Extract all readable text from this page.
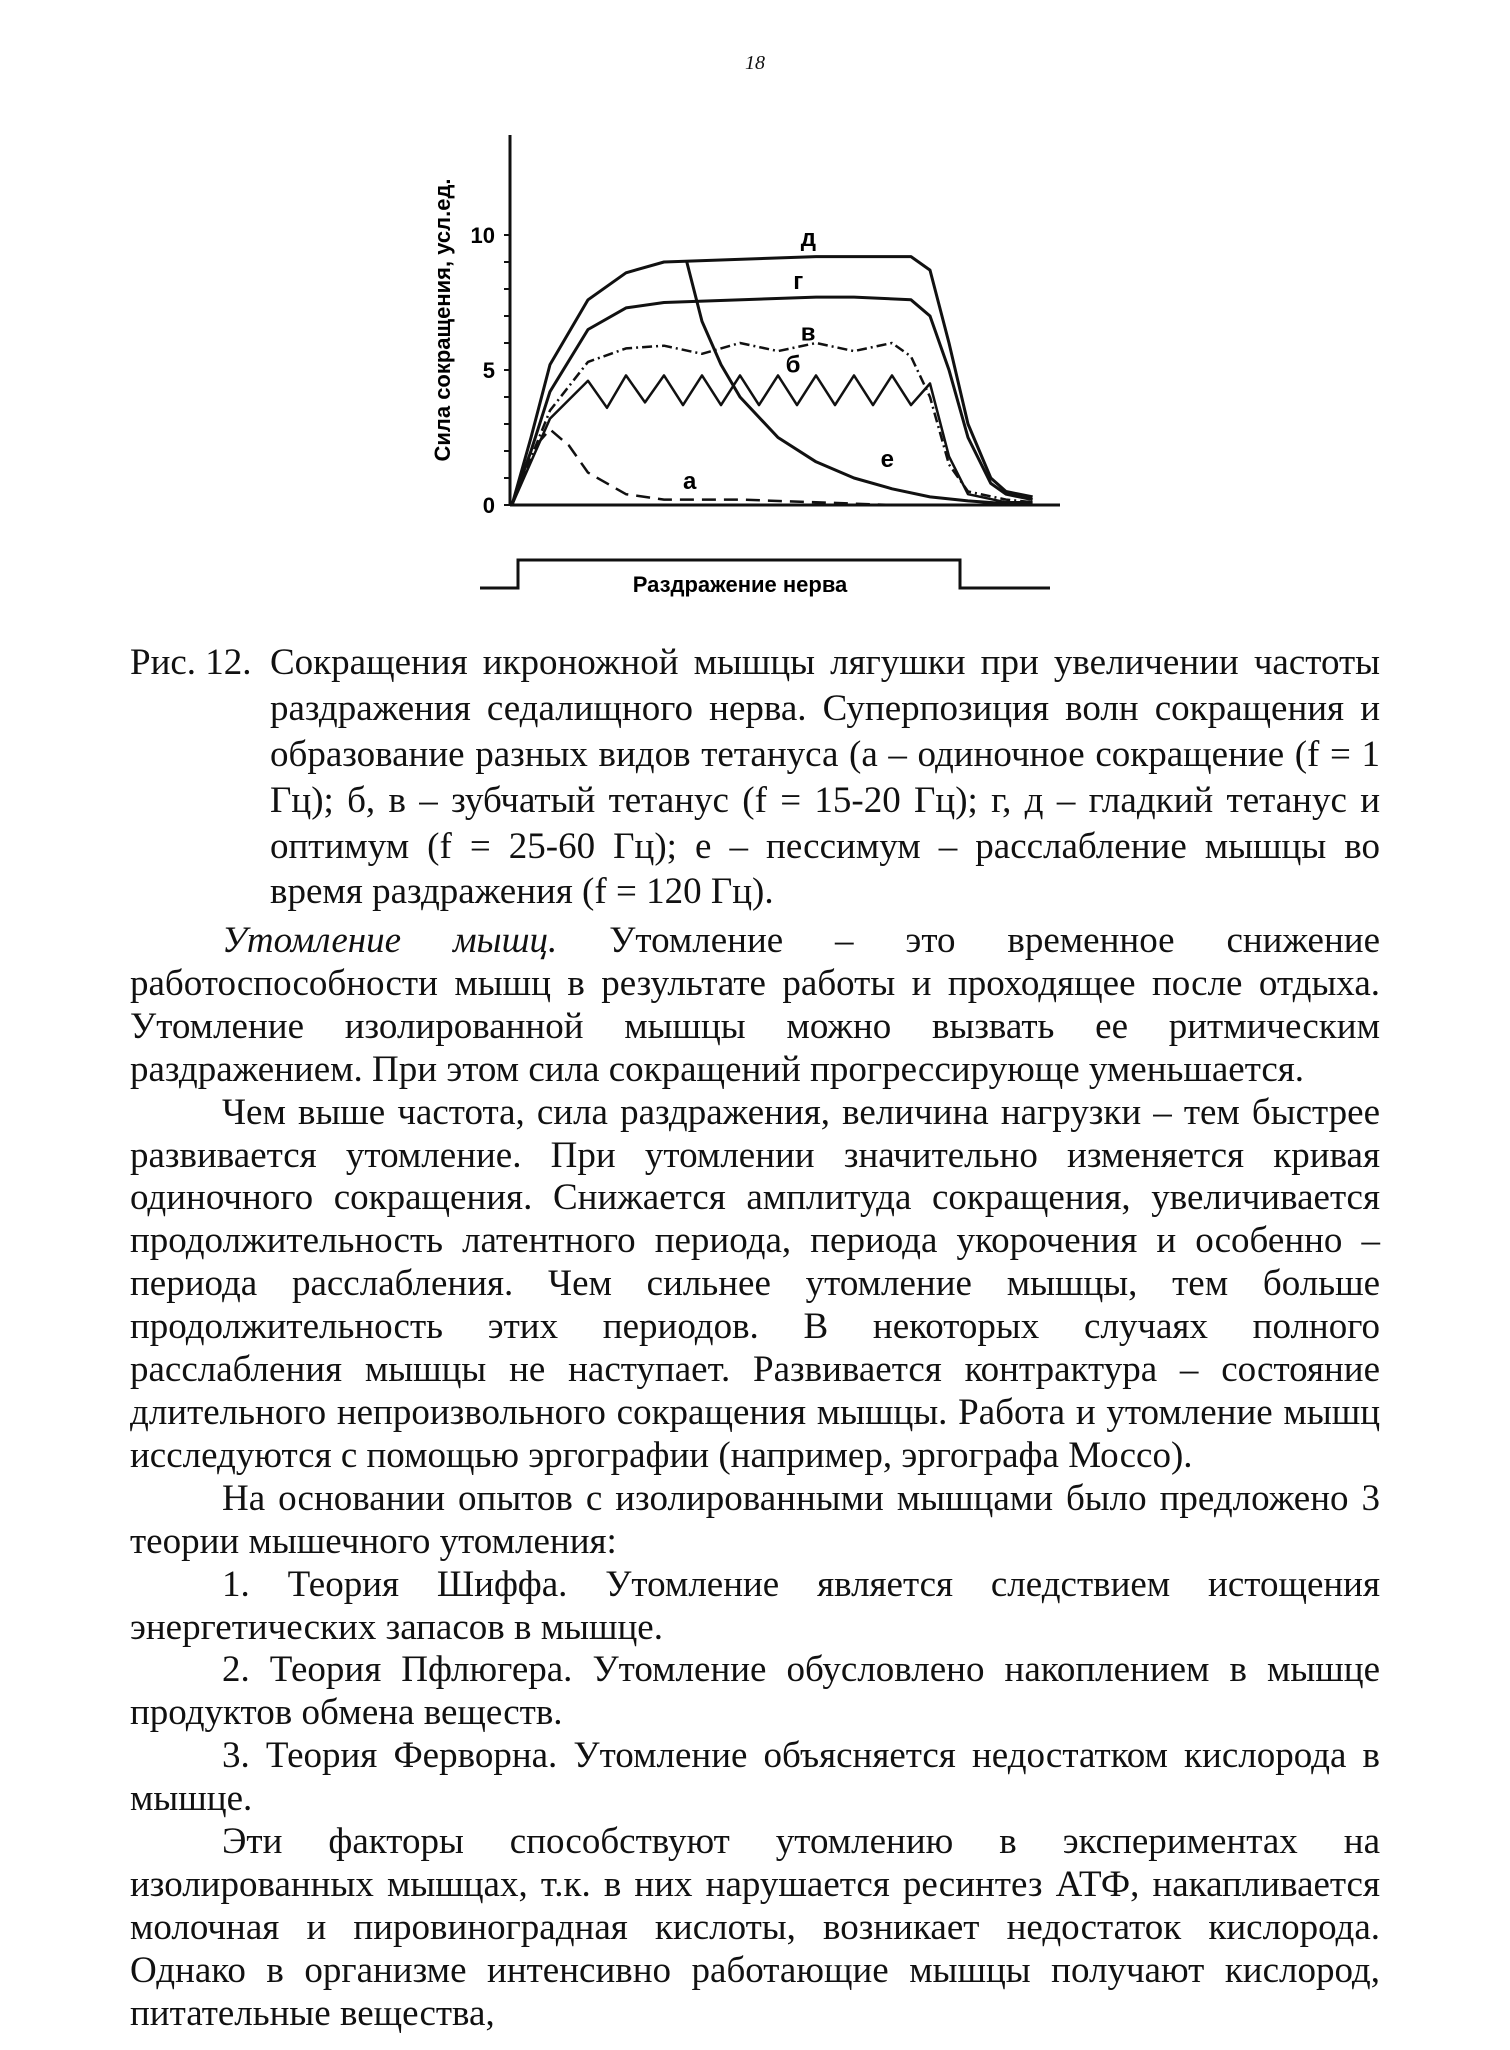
18
0
5
10
Сила сокращения, усл.ед.	д
г
в
б
е
а
Раздражение нерва
Рис. 12. Сокращения икроножной мышцы лягушки при увеличении частоты раздражения седалищного нерва. Суперпозиция волн сокращения и образование разных видов тетануса (а – одиночное сокращение (f = 1 Гц); б, в – зубчатый тетанус (f = 15-20 Гц); г, д – гладкий тетанус и оптимум (f = 25-60 Гц); е – пессимум – расслабление мышцы во время раздражения (f = 120 Гц).

Утомление мышц. Утомление – это временное снижение работоспособности мышц в результате работы и проходящее после отдыха. Утомление изолированной мышцы можно вызвать ее ритмическим раздражением. При этом сила сокращений прогрессирующе уменьшается.

Чем выше частота, сила раздражения, величина нагрузки – тем быстрее развивается утомление. При утомлении значительно изменяется кривая одиночного сокращения. Снижается амплитуда сокращения, увеличивается продолжительность латентного периода, периода укорочения и особенно – периода расслабления. Чем сильнее утомление мышцы, тем больше продолжительность этих периодов. В некоторых случаях полного расслабления мышцы не наступает. Развивается контрактура – состояние длительного непроизвольного сокращения мышцы. Работа и утомление мышц исследуются с помощью эргографии (например, эргографа Моссо).

На основании опытов с изолированными мышцами было предложено 3 теории мышечного утомления:

1. Теория Шиффа. Утомление является следствием истощения энергетических запасов в мышце.

2. Теория Пфлюгера. Утомление обусловлено накоплением в мышце продуктов обмена веществ.

3. Теория Ферворна. Утомление объясняется недостатком кислорода в мышце.

Эти факторы способствуют утомлению в экспериментах на изолированных мышцах, т.к. в них нарушается ресинтез АТФ, накапливается молочная и пировиноградная кислоты, возникает недостаток кислорода. Однако в организме интенсивно работающие мышцы получают кислород, питательные вещества,
